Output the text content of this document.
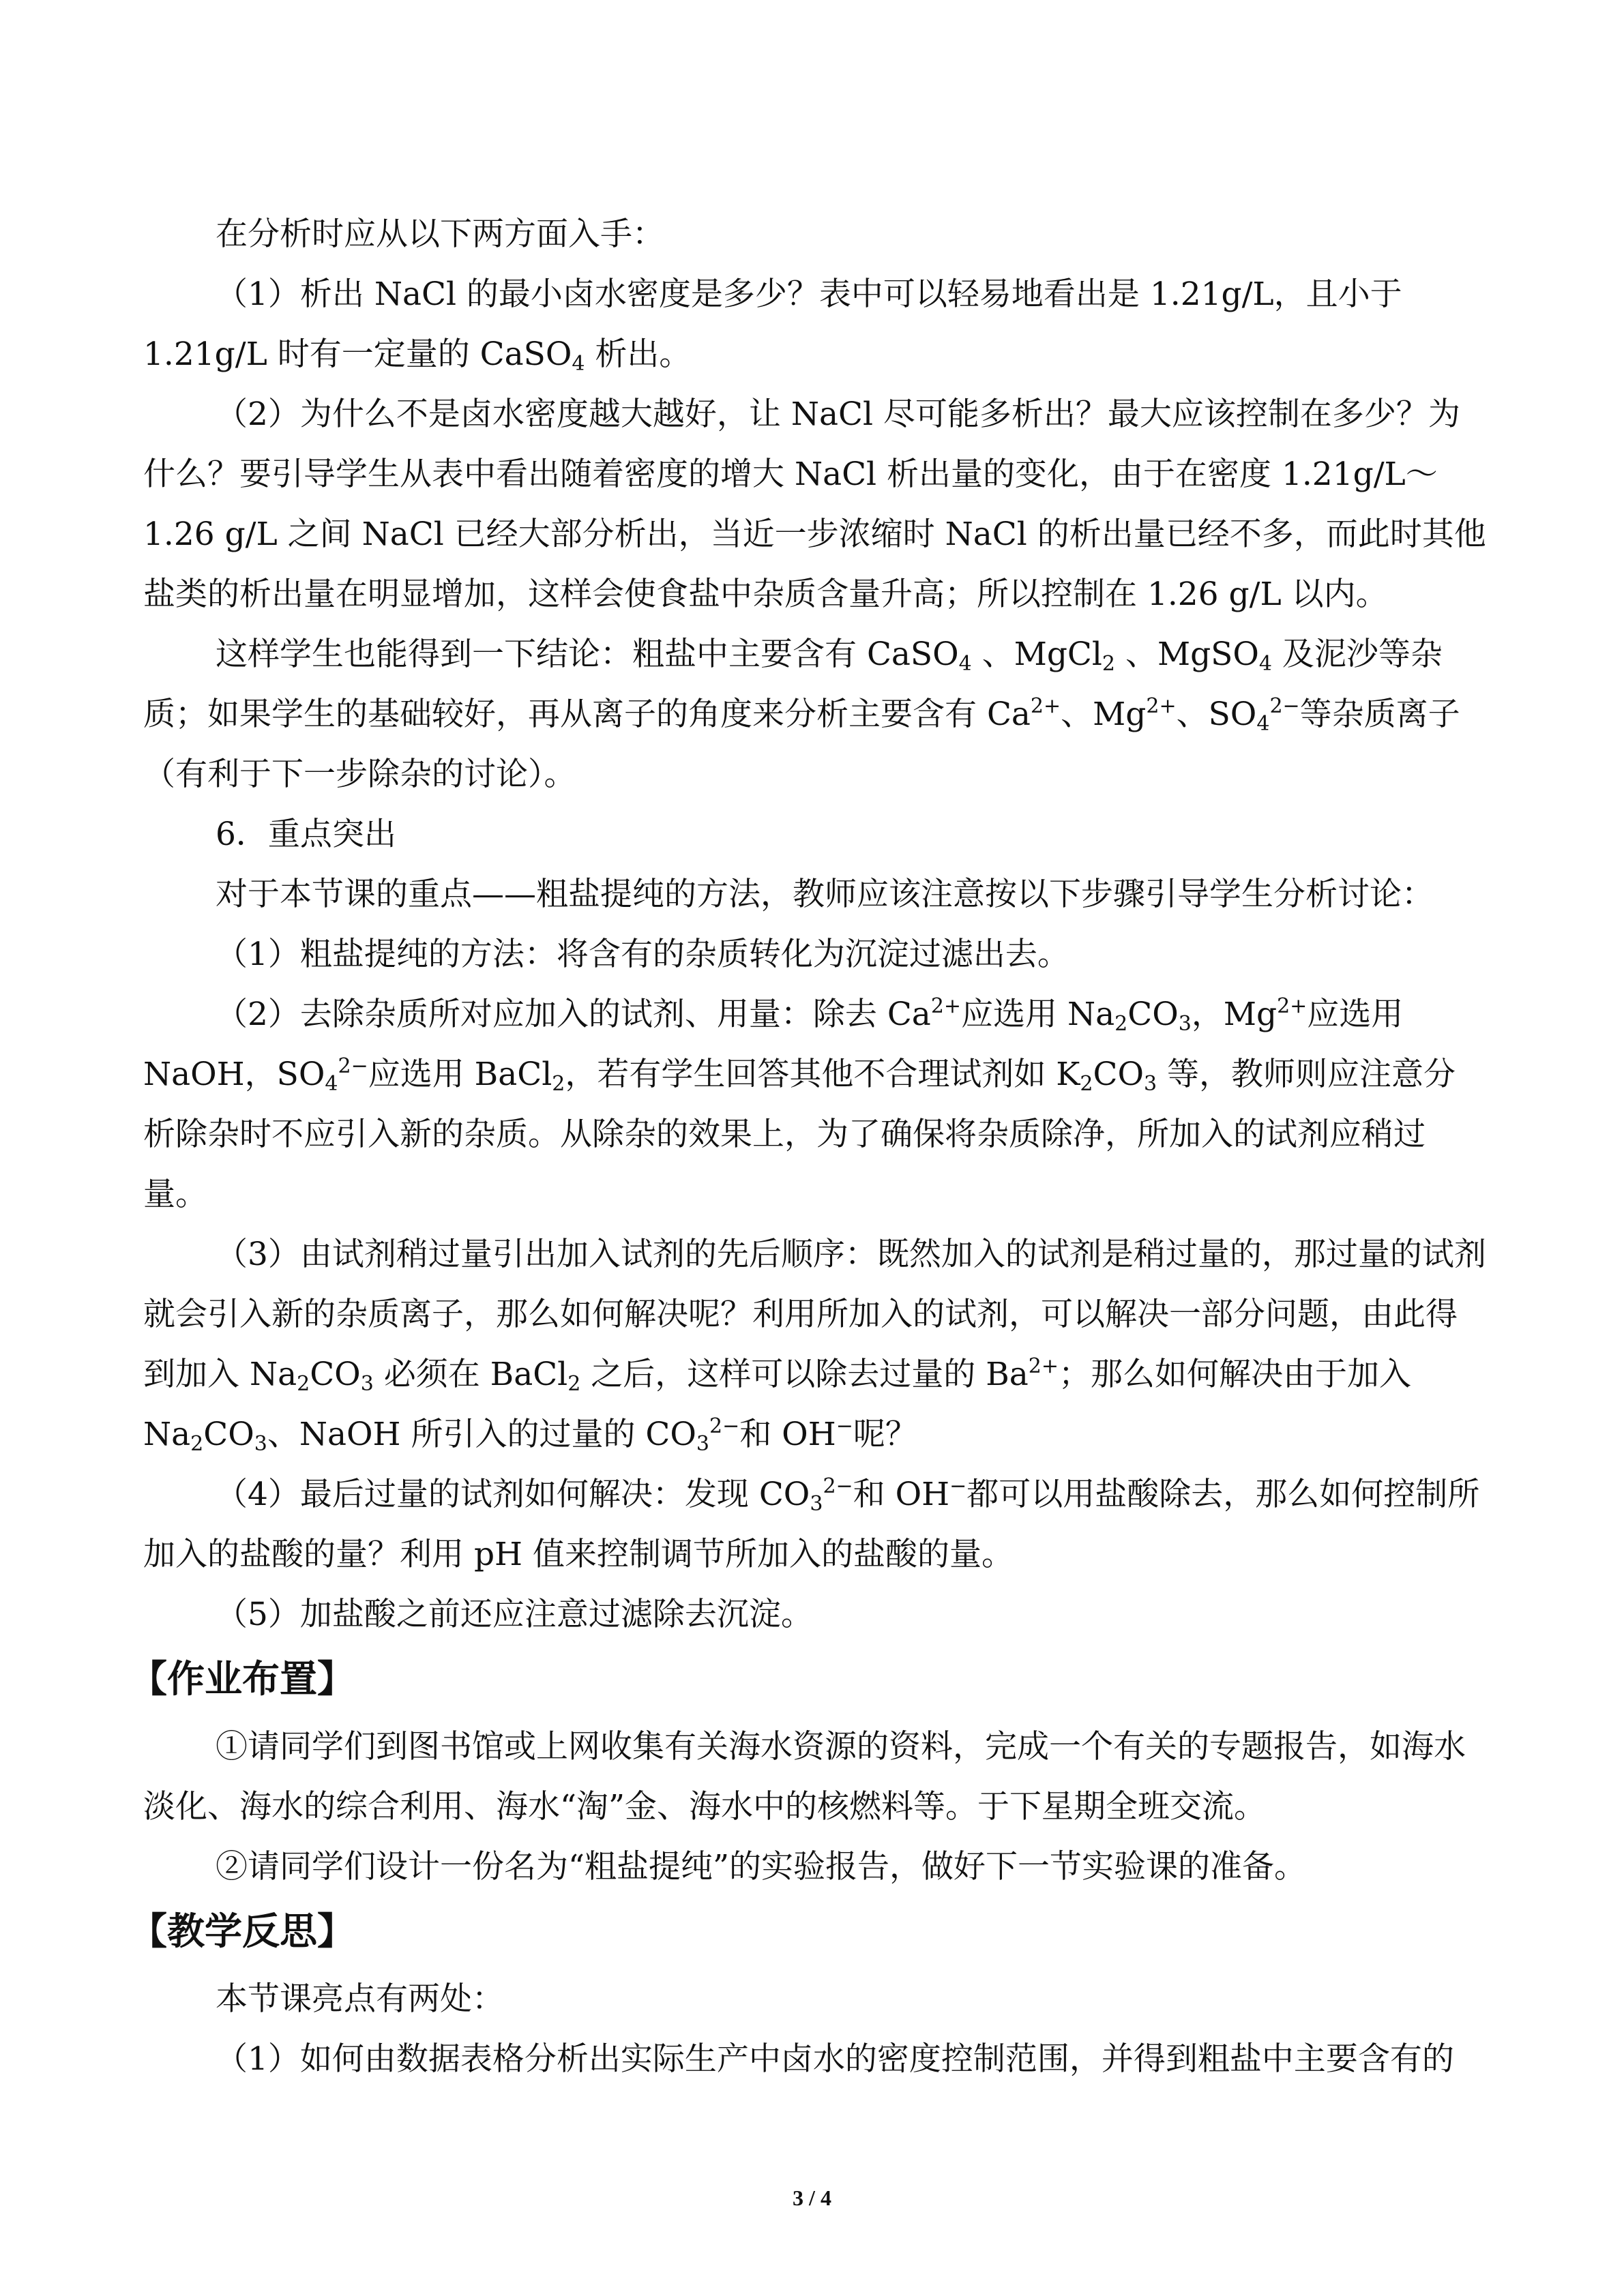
在分析时应从以下两方面入手：

（1）析出 NaCl 的最小卤水密度是多少？表中可以轻易地看出是 1.21g/L，且小于 1.21g/L 时有一定量的 CaSO$_4$ 析出。

（2）为什么不是卤水密度越大越好，让 NaCl 尽可能多析出？最大应该控制在多少？为什么？要引导学生从表中看出随着密度的增大 NaCl 析出量的变化，由于在密度 1.21g/L～1.26 g/L 之间 NaCl 已经大部分析出，当近一步浓缩时 NaCl 的析出量已经不多，而此时其他盐类的析出量在明显增加，这样会使食盐中杂质含量升高；所以控制在 1.26 g/L 以内。

这样学生也能得到一下结论：粗盐中主要含有 CaSO$_4$ 、MgCl$_2$ 、MgSO$_4$ 及泥沙等杂质；如果学生的基础较好，再从离子的角度来分析主要含有 $Ca^{2+}$、$Mg^{2+}$、$SO_4^{2-}$等杂质离子（有利于下一步除杂的讨论）。

6．重点突出

对于本节课的重点——粗盐提纯的方法，教师应该注意按以下步骤引导学生分析讨论：

（1）粗盐提纯的方法：将含有的杂质转化为沉淀过滤出去。

（2）去除杂质所对应加入的试剂、用量：除去 $Ca^{2+}$应选用 $Na_2CO_3$，$Mg^{2+}$应选用 NaOH，$SO_4^{2-}$应选用 BaCl$_2$，若有学生回答其他不合理试剂如 $K_2CO_3$ 等，教师则应注意分析除杂时不应引入新的杂质。从除杂的效果上，为了确保将杂质除净，所加入的试剂应稍过量。

（3）由试剂稍过量引出加入试剂的先后顺序：既然加入的试剂是稍过量的，那过量的试剂就会引入新的杂质离子，那么如何解决呢？利用所加入的试剂，可以解决一部分问题，由此得到加入 $Na_2CO_3$ 必须在 BaCl$_2$ 之后，这样可以除去过量的 $Ba^{2+}$；那么如何解决由于加入 $Na_2CO_3$、NaOH 所引入的过量的 $CO_3^{2-}$和 OH−呢？

（4）最后过量的试剂如何解决：发现 $CO_3^{2-}$和 OH−都可以用盐酸除去，那么如何控制所加入的盐酸的量？利用 pH 值来控制调节所加入的盐酸的量。

（5）加盐酸之前还应注意过滤除去沉淀。

【作业布置】

①请同学们到图书馆或上网收集有关海水资源的资料，完成一个有关的专题报告，如海水淡化、海水的综合利用、海水“淘”金、海水中的核燃料等。于下星期全班交流。

②请同学们设计一份名为“粗盐提纯”的实验报告，做好下一节实验课的准备。

【教学反思】

本节课亮点有两处：

（1）如何由数据表格分析出实际生产中卤水的密度控制范围，并得到粗盐中主要含有的

3 / 4
